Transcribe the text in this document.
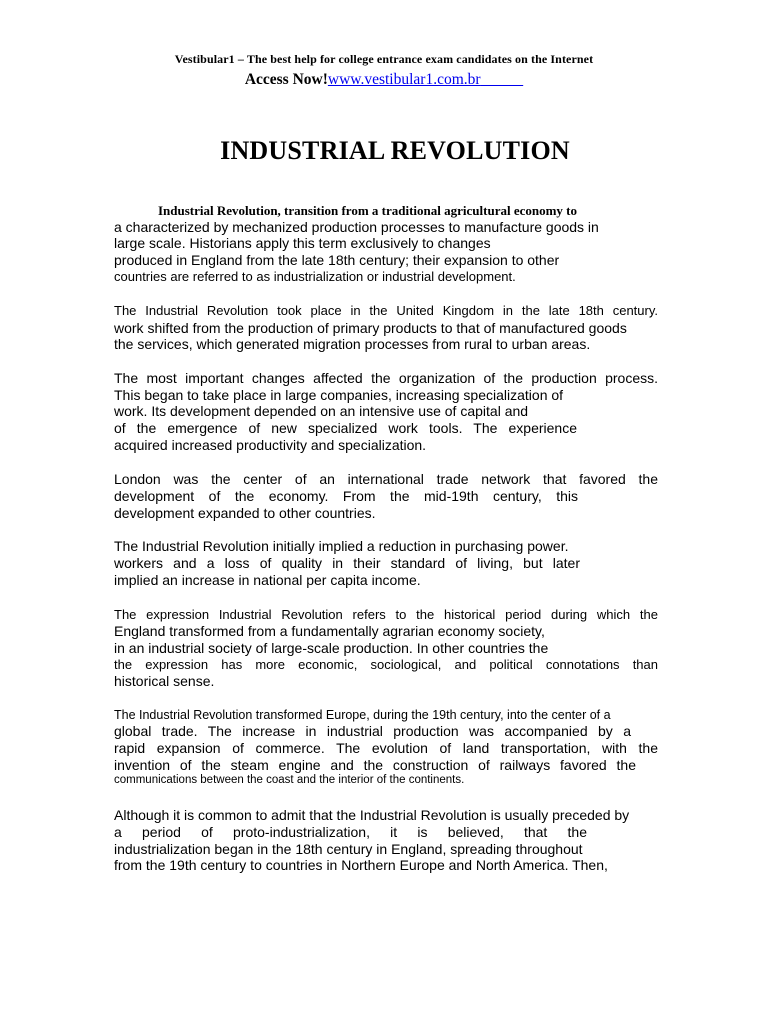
Vestibular1 – The best help for college entrance exam candidates on the Internet
Access Now!www.vestibular1.com.br
INDUSTRIAL REVOLUTION
Industrial Revolution, transition from a traditional agricultural economy to
a characterized by mechanized production processes to manufacture goods in
large scale. Historians apply this term exclusively to changes
produced in England from the late 18th century; their expansion to other
countries are referred to as industrialization or industrial development.
The Industrial Revolution took place in the United Kingdom in the late 18th century.
work shifted from the production of primary products to that of manufactured goods
the services, which generated migration processes from rural to urban areas.
The most important changes affected the organization of the production process.
This began to take place in large companies, increasing specialization of
work. Its development depended on an intensive use of capital and
of the emergence of new specialized work tools. The experience
acquired increased productivity and specialization.
London was the center of an international trade network that favored the
development of the economy. From the mid-19th century, this
development expanded to other countries.
The Industrial Revolution initially implied a reduction in purchasing power.
workers and a loss of quality in their standard of living, but later
implied an increase in national per capita income.
The expression Industrial Revolution refers to the historical period during which the
England transformed from a fundamentally agrarian economy society,
in an industrial society of large-scale production. In other countries the
the expression has more economic, sociological, and political connotations than
historical sense.
The Industrial Revolution transformed Europe, during the 19th century, into the center of a
global trade. The increase in industrial production was accompanied by a
rapid expansion of commerce. The evolution of land transportation, with the
invention of the steam engine and the construction of railways favored the
communications between the coast and the interior of the continents.
Although it is common to admit that the Industrial Revolution is usually preceded by
a period of proto-industrialization, it is believed, that the
industrialization began in the 18th century in England, spreading throughout
from the 19th century to countries in Northern Europe and North America. Then,
